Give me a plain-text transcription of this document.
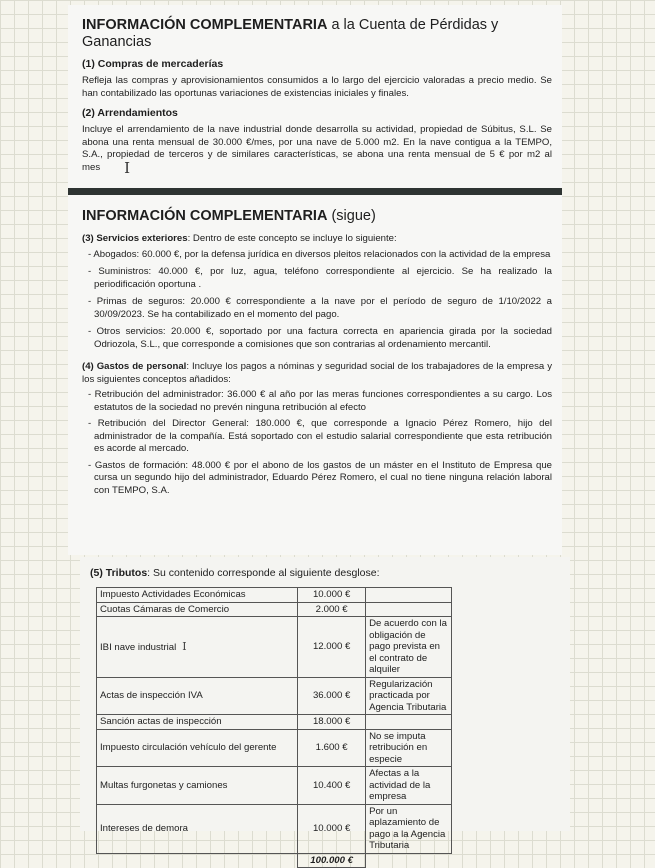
INFORMACIÓN COMPLEMENTARIA a la Cuenta de Pérdidas y Ganancias
(1) Compras de mercaderías
Refleja las compras y aprovisionamientos consumidos a lo largo del ejercicio valoradas a precio medio. Se han contabilizado las oportunas variaciones de existencias iniciales y finales.
(2) Arrendamientos
Incluye el arrendamiento de la nave industrial donde desarrolla su actividad, propiedad de Súbitus, S.L. Se abona una renta mensual de 30.000 €/mes, por una nave de 5.000 m2. En la nave contigua a la TEMPO, S.A., propiedad de terceros y de similares características, se abona una renta mensual de 5 € por m2 al mes I
INFORMACIÓN COMPLEMENTARIA (sigue)
(3) Servicios exteriores: Dentro de este concepto se incluye lo siguiente:
- Abogados: 60.000 €, por la defensa jurídica en diversos pleitos relacionados con la actividad de la empresa
- Suministros: 40.000 €, por luz, agua, teléfono correspondiente al ejercicio. Se ha realizado la periodificación oportuna .
- Primas de seguros: 20.000 € correspondiente a la nave por el período de seguro de 1/10/2022 a 30/09/2023. Se ha contabilizado en el momento del pago.
- Otros servicios: 20.000 €, soportado por una factura correcta en apariencia girada por la sociedad Odriozola, S.L., que corresponde a comisiones que son contrarias al ordenamiento mercantil.
(4) Gastos de personal: Incluye los pagos a nóminas y seguridad social de los trabajadores de la empresa y los siguientes conceptos añadidos:
- Retribución del administrador: 36.000 € al año por las meras funciones correspondientes a su cargo. Los estatutos de la sociedad no prevén ninguna retribución al efecto
- Retribución del Director General: 180.000 €, que corresponde a Ignacio Pérez Romero, hijo del administrador de la compañía. Está soportado con el estudio salarial correspondiente que esta retribución es acorde al mercado.
- Gastos de formación: 48.000 € por el abono de los gastos de un máster en el Instituto de Empresa que cursa un segundo hijo del administrador, Eduardo Pérez Romero, el cual no tiene ninguna relación laboral con TEMPO, S.A.
(5) Tributos: Su contenido corresponde al siguiente desglose:
Impuesto Actividades Económicas	10.000 €	
Cuotas Cámaras de Comercio	2.000 €	
IBI nave industrial I	12.000 €	De acuerdo con la obligación de pago prevista en el contrato de alquiler
Actas de inspección IVA	36.000 €	Regularización practicada por Agencia Tributaria
Sanción actas de inspección	18.000 €	
Impuesto circulación vehículo del gerente	1.600 €	No se imputa retribución en especie
Multas furgonetas y camiones	10.400 €	Afectas a la actividad de la empresa
Intereses de demora	10.000 €	Por un aplazamiento de pago a la Agencia Tributaria
	100.000 €	
